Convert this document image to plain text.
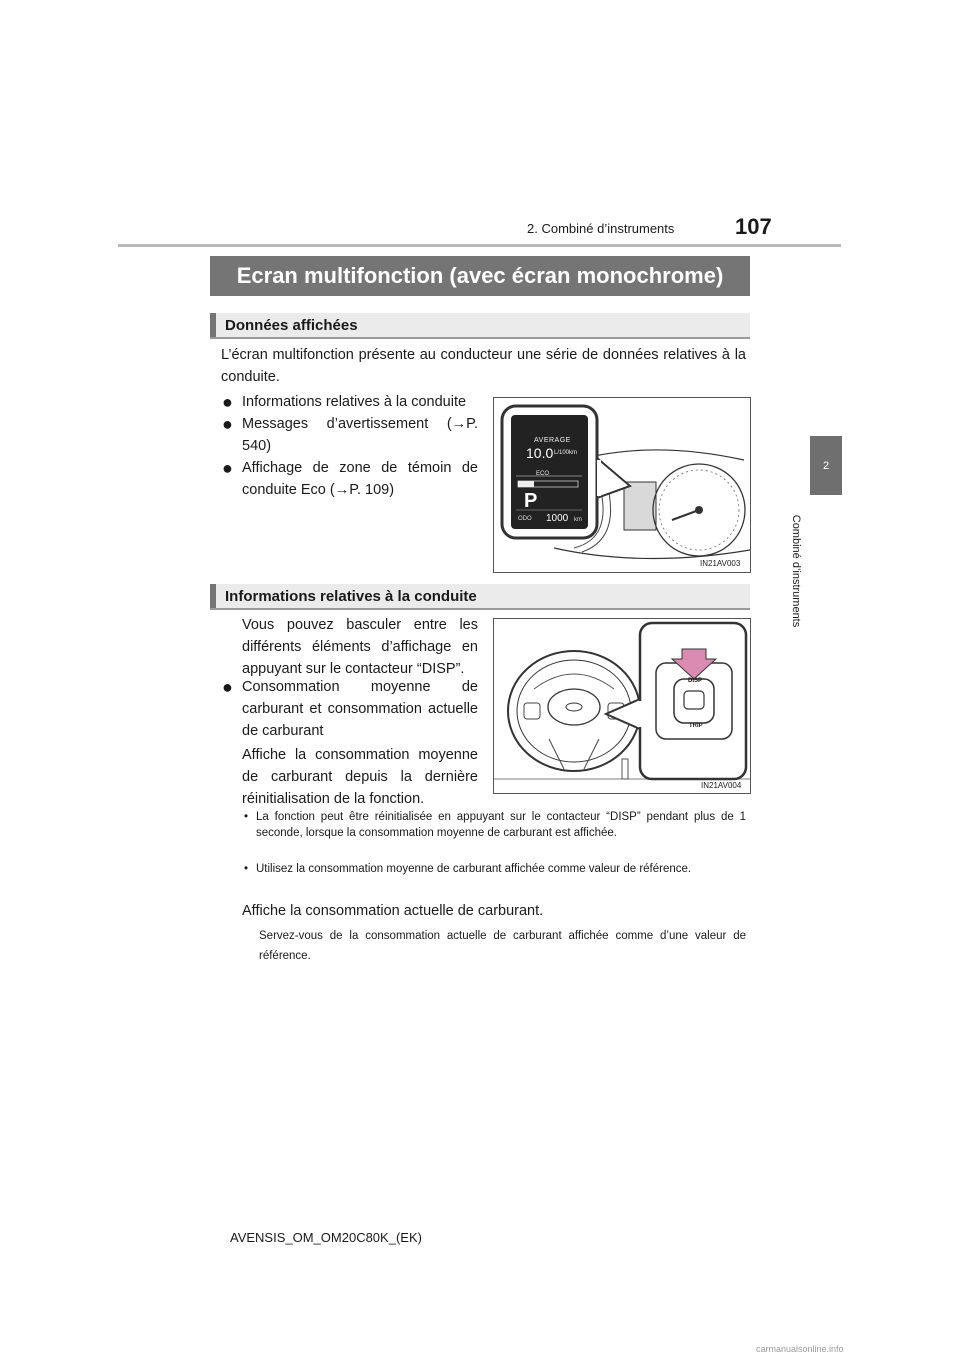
2. Combiné d’instruments	107
2
Combiné d’instruments
Ecran multifonction (avec écran monochrome)
Données affichées
L’écran multifonction présente au conducteur une série de données relatives à la conduite.
● Informations relatives à la conduite
● Messages d’avertissement (→P. 540)
● Affichage de zone de témoin de conduite Eco (→P. 109)
AVERAGE
10.0 L/100km
ECO
P
ODO 1000 km
IN21AV003
Informations relatives à la conduite
Vous pouvez basculer entre les différents éléments d’affichage en appuyant sur le contacteur “DISP”.
● Consommation moyenne de carburant et consommation actuelle de carburant
Affiche la consommation moyenne de carburant depuis la dernière réinitialisation de la fonction.
DISP
TRIP
IN21AV004
• La fonction peut être réinitialisée en appuyant sur le contacteur “DISP” pendant plus de 1 seconde, lorsque la consommation moyenne de carburant est affichée.
• Utilisez la consommation moyenne de carburant affichée comme valeur de référence.
Affiche la consommation actuelle de carburant.
Servez-vous de la consommation actuelle de carburant affichée comme d’une valeur de référence.
AVENSIS_OM_OM20C80K_(EK)
carmanualsonline.info
